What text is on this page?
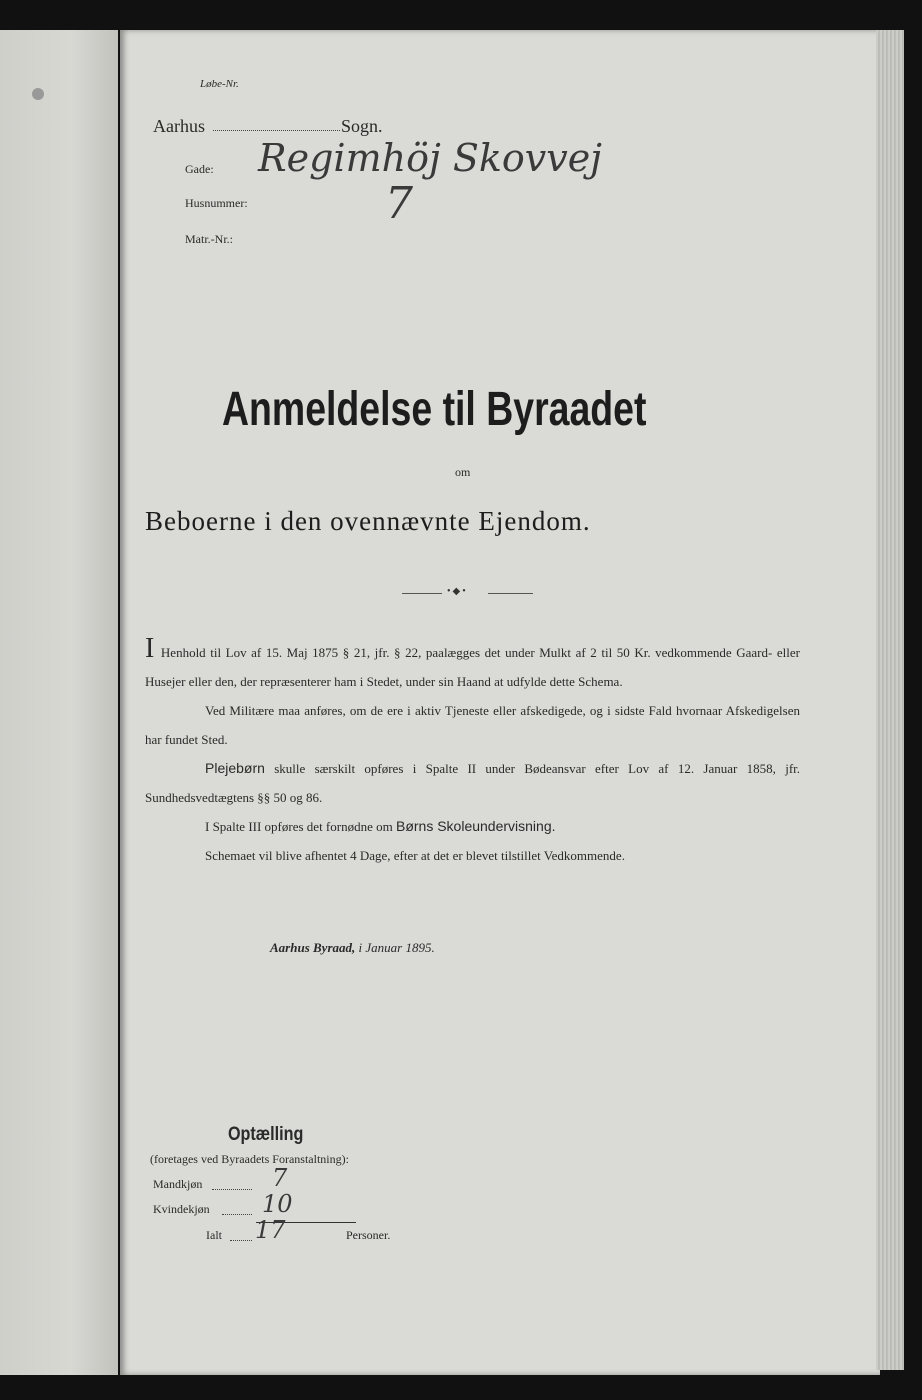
Løbe-Nr.
Aarhus	Sogn.
Gade: Regimhöj Skovvej
Husnummer:	7
Matr.-Nr.:
Anmeldelse til Byraadet
om
Beboerne i den ovennævnte Ejendom.
•◆•

I Henhold til Lov af 15. Maj 1875 § 21, jfr. § 22, paalægges det under Mulkt af 2 til 50 Kr. vedkommende Gaard- eller Husejer eller den, der repræsenterer ham i Stedet, under sin Haand at udfylde dette Schema.

Ved Militære maa anføres, om de ere i aktiv Tjeneste eller afskedigede, og i sidste Fald hvornaar Afskedigelsen har fundet Sted.

Plejebørn skulle særskilt opføres i Spalte II under Bødeansvar efter Lov af 12. Januar 1858, jfr. Sundhedsvedtægtens §§ 50 og 86.

I Spalte III opføres det fornødne om Børns Skoleundervisning.

Schemaet vil blive afhentet 4 Dage, efter at det er blevet tilstillet Vedkommende.

Aarhus Byraad, i Januar 1895.
Optælling
(foretages ved Byraadets Foranstaltning):
Mandkjøn	7
Kvindekjøn 10
Ialt 17	Personer.
